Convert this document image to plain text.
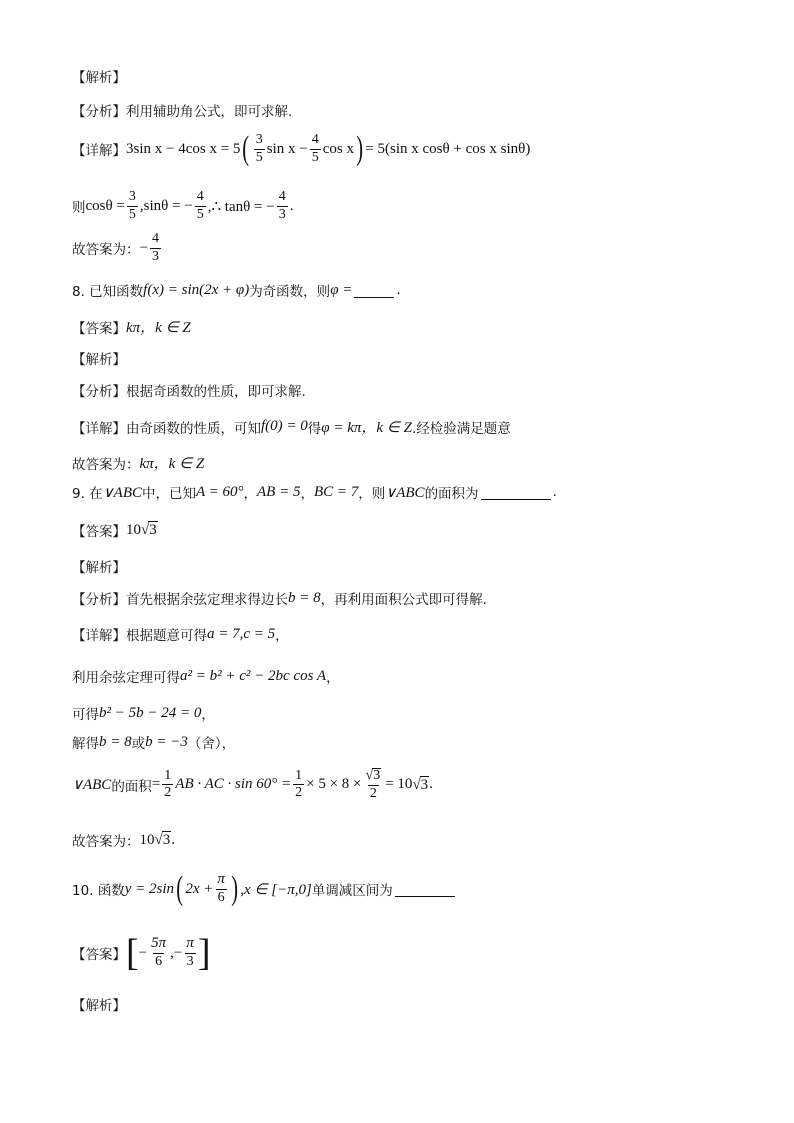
【解析】
【分析】 利用辅助角公式，即可求解.
【详解】 3sin x − 4cos x = 5 ( $\frac{3}{5}$ $\sin x - \frac{4}{5}$ cos x ) = 5(sin x cosθ + cos x sinθ)
则 $\cos\theta = \frac{3}{5} ,\sin\theta$ = − $\frac{4}{5}$ ,∴ tanθ = − $\frac{4}{3}$ .
故答案为： − $\frac{4}{3}$
8. 已知函数 f(x) = sin(2x + φ) 为奇函数，则 φ =	.
【答案】 kπ，k ∈ Z
【解析】
【分析】 根据奇函数的性质，即可求解.
【详解】 由奇函数的性质，可知 f(0) = 0 得 φ = kπ，k ∈ Z .经检验满足题意
故答案为： kπ，k ∈ Z
9. 在 ∨ABC 中，已知 A = 60° ， AB = 5 ， BC = 7 ，则 ∨ABC 的面积为	.
【答案】 10 √3
【解析】
【分析】 首先根据余弦定理求得边长 b = 8 ，再利用面积公式即可得解.
【详解】 根据题意可得 a = 7,c = 5 ，
利用余弦定理可得 a² = b² + c² − 2bc cos A ，
可得 b² − 5b − 24 = 0 ，
解得 b = 8 或 b = −3 （舍），
∨ABC 的面积 = $\frac{1}{2}$ AB · AC · $\sin 60^\circ = \frac{1}{2} \times 5 \times 8 \times \frac{√3}{2} = 10$ √3 .
故答案为： 10 √3 .
10. 函数 y = 2sin ( $2x + \frac{\pi}{6}$ ) ,x ∈ [−π,0] 单调减区间为
【答案】 [ − $\frac{5\pi}{6}$ ,− $\frac{\pi}{3}$ ]
【解析】
